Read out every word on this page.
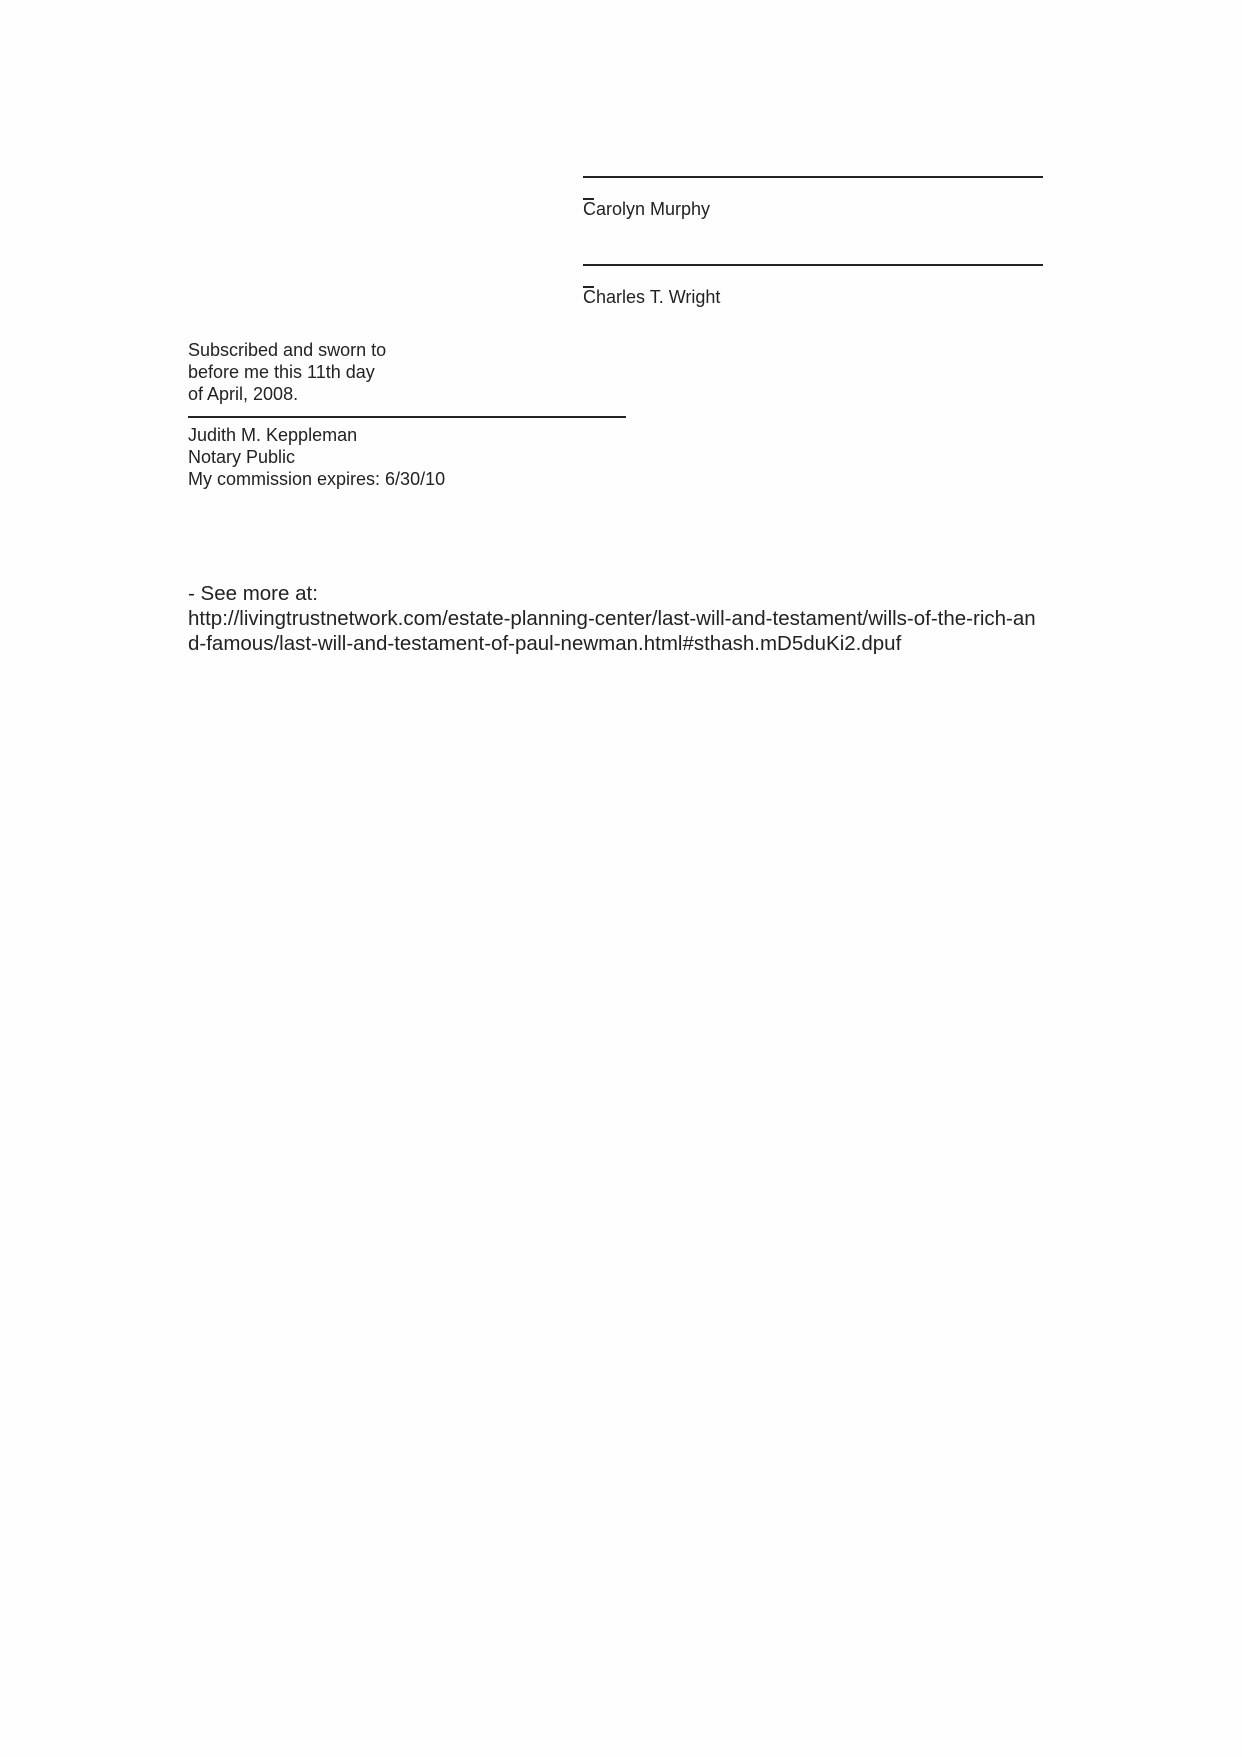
Carolyn Murphy
Charles T. Wright
Subscribed and sworn to
before me this 11th day
of April, 2008.
Judith M. Keppleman
Notary Public
My commission expires: 6/30/10
- See more at:
http://livingtrustnetwork.com/estate-planning-center/last-will-and-testament/wills-of-the-rich-an
d-famous/last-will-and-testament-of-paul-newman.html#sthash.mD5duKi2.dpuf
